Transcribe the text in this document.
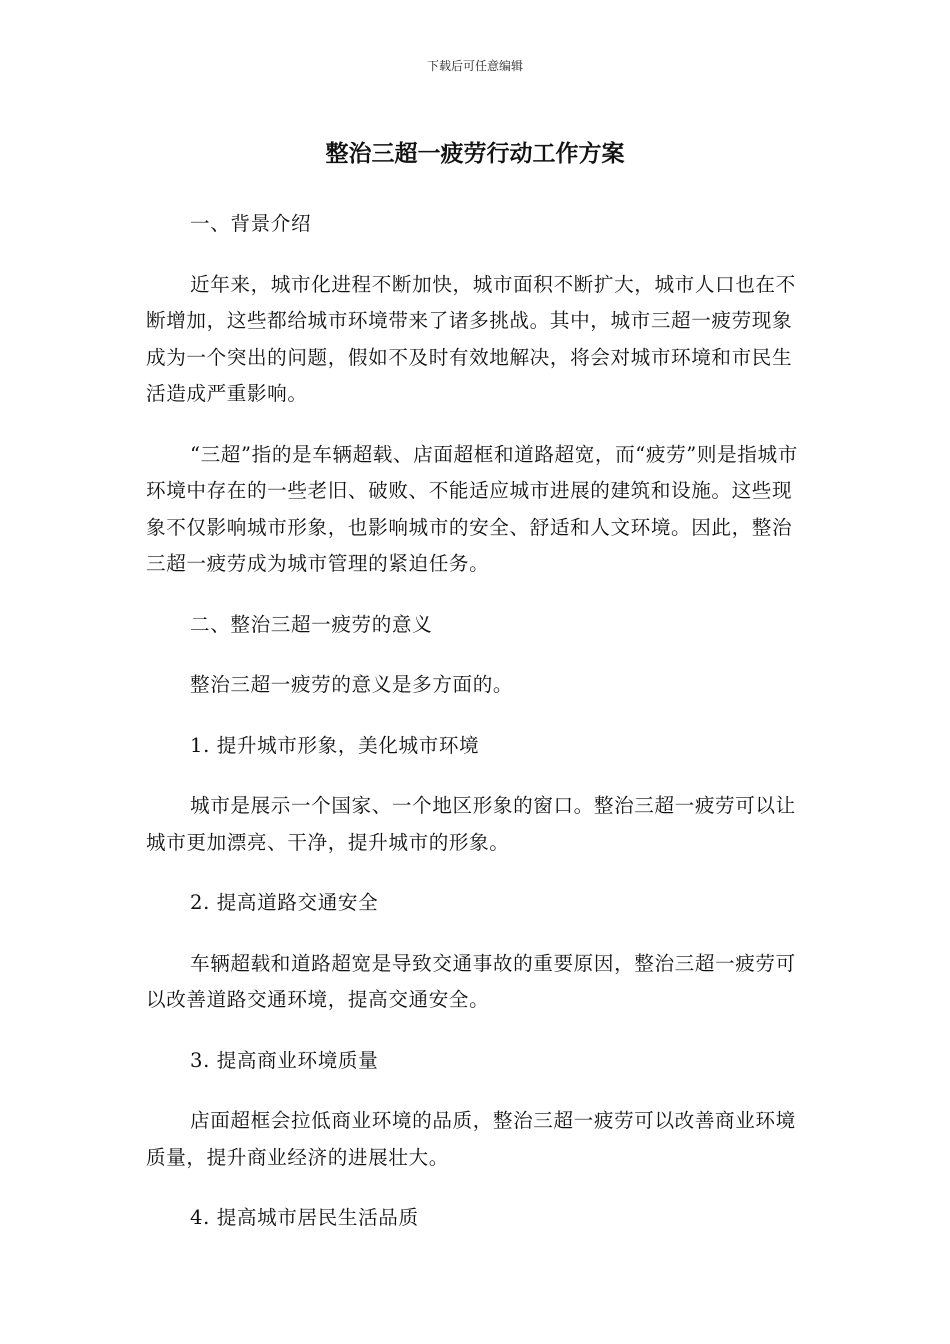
下载后可任意编辑
整治三超一疲劳行动工作方案

一、背景介绍

近年来，城市化进程不断加快，城市面积不断扩大，城市人口也在不断增加，这些都给城市环境带来了诸多挑战。其中，城市三超一疲劳现象成为一个突出的问题，假如不及时有效地解决，将会对城市环境和市民生活造成严重影响。

“三超”指的是车辆超载、店面超框和道路超宽，而“疲劳”则是指城市环境中存在的一些老旧、破败、不能适应城市进展的建筑和设施。这些现象不仅影响城市形象，也影响城市的安全、舒适和人文环境。因此，整治三超一疲劳成为城市管理的紧迫任务。

二、整治三超一疲劳的意义

整治三超一疲劳的意义是多方面的。

1. 提升城市形象，美化城市环境

城市是展示一个国家、一个地区形象的窗口。整治三超一疲劳可以让城市更加漂亮、干净，提升城市的形象。

2. 提高道路交通安全

车辆超载和道路超宽是导致交通事故的重要原因，整治三超一疲劳可以改善道路交通环境，提高交通安全。

3. 提高商业环境质量

店面超框会拉低商业环境的品质，整治三超一疲劳可以改善商业环境质量，提升商业经济的进展壮大。

4. 提高城市居民生活品质
